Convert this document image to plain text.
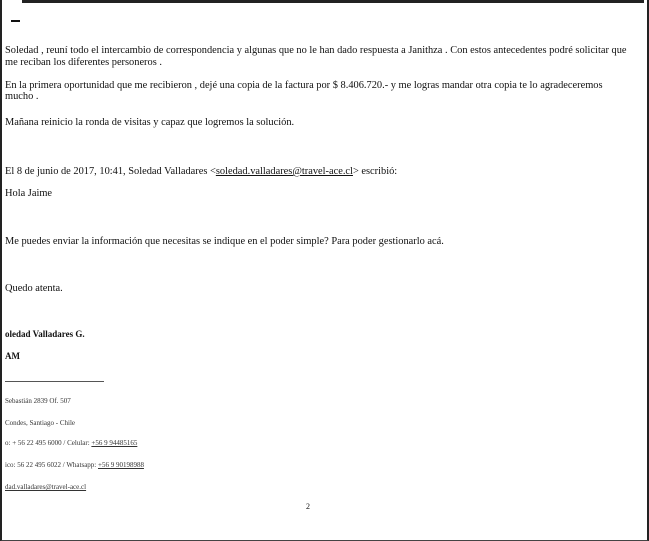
Soledad , reuní todo el intercambio de correspondencia y algunas que no le han dado respuesta a Janithza . Con estos antecedentes podré solicitar que
me reciban los diferentes personeros .
En la primera oportunidad que me recibieron , dejé una copia de la factura por $ 8.406.720.- y me logras mandar otra copia te lo agradeceremos
mucho .
Mañana reinicio la ronda de visitas y capaz que logremos la solución.
El 8 de junio de 2017, 10:41, Soledad Valladares <soledad.valladares@travel-ace.cl> escribió:
Hola Jaime
Me puedes enviar la información que necesitas se indique en el poder simple? Para poder gestionarlo acá.
Quedo atenta.
oledad Valladares G.
AM
Sebastián 2839 Of. 507
Condes, Santiago - Chile
o: + 56 22 495 6000 / Celular: +56 9 94485165
ico: 56 22 495 6022 / Whatsapp: +56 9 90198988
dad.valladares@travel-ace.cl
2
